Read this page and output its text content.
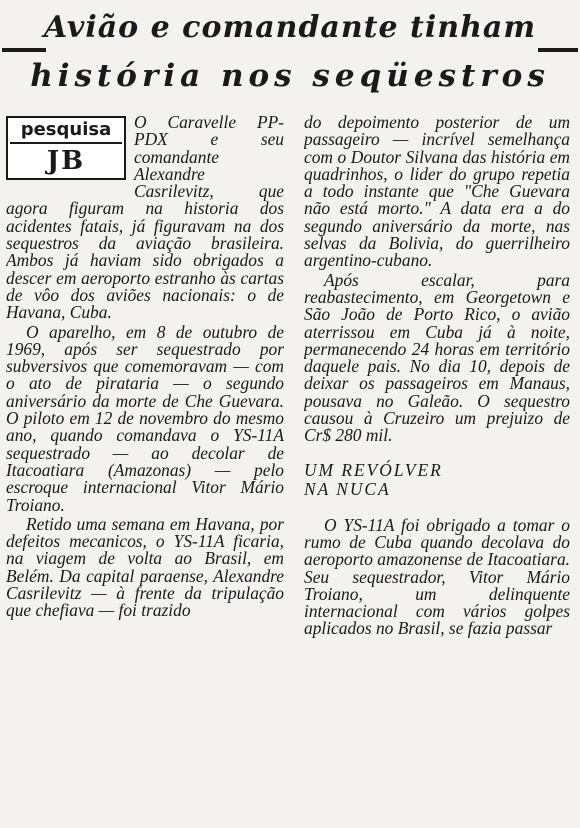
Avião e comandante tinham
história nos seqüestros
pesquisa
JB

O Caravelle PP-PDX e seu comandante Alexandre Casrilevitz, que agora figuram na historia dos acidentes fatais, já figuravam na dos sequestros da aviação brasileira. Ambos já haviam sido obrigados a descer em aeroporto estranho às cartas de vôo dos aviões nacionais: o de Havana, Cuba.

O aparelho, em 8 de outubro de 1969, após ser sequestrado por subversivos que comemoravam — com o ato de pirataria — o segundo aniversário da morte de Che Guevara. O piloto em 12 de novembro do mesmo ano, quando comandava o YS-11A sequestrado — ao decolar de Itacoatiara (Amazonas) — pelo escroque internacional Vitor Mário Troiano.

Retido uma semana em Havana, por defeitos mecanicos, o YS-11A ficaria, na viagem de volta ao Brasil, em Belém. Da capital paraense, Alexandre Casrilevitz — à frente da tripulação que chefiava — foi trazido

do depoimento posterior de um passageiro — incrível semelhança com o Doutor Silvana das história em quadrinhos, o lider do grupo repetia a todo instante que "Che Guevara não está morto." A data era a do segundo aniversário da morte, nas selvas da Bolivia, do guerrilheiro argentino-cubano.

Após escalar, para reabastecimento, em Georgetown e São João de Porto Rico, o avião aterrissou em Cuba já à noite, permanecendo 24 horas em território daquele pais. No dia 10, depois de deixar os passageiros em Manaus, pousava no Galeão. O sequestro causou à Cruzeiro um prejuizo de Cr$ 280 mil.

UM REVÓLVER
NA NUCA

O YS-11A foi obrigado a tomar o rumo de Cuba quando decolava do aeroporto amazonense de Itacoatiara. Seu sequestrador, Vitor Mário Troiano, um delinquente internacional com vários golpes aplicados no Brasil, se fazia passar
